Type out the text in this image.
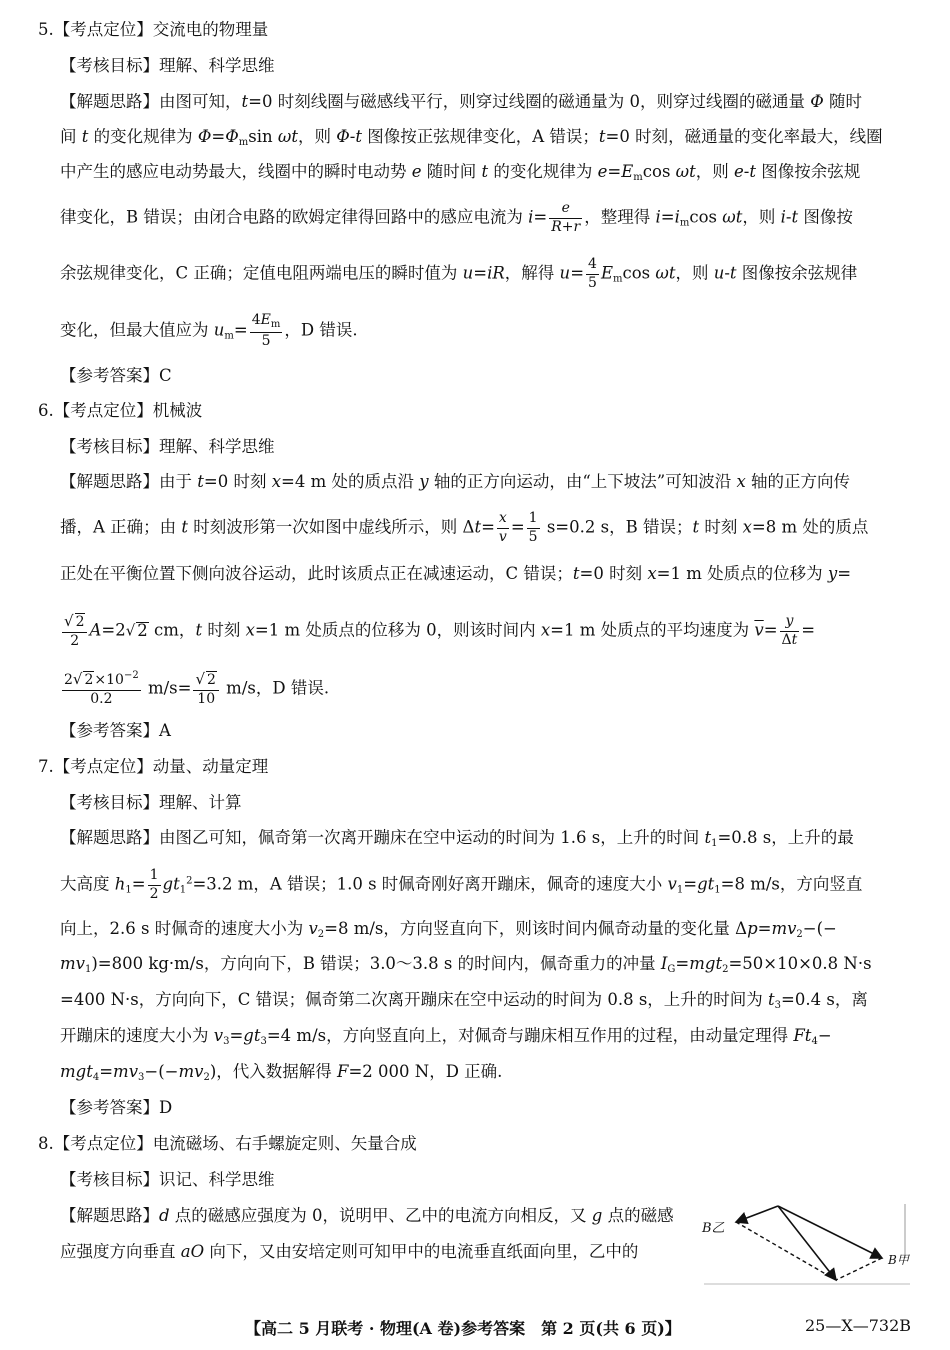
5.【考点定位】交流电的物理量
【考核目标】理解、科学思维
【解题思路】由图可知，t=0 时刻线圈与磁感线平行，则穿过线圈的磁通量为 0，则穿过线圈的磁通量 Φ 随时
间 t 的变化规律为 $\Phi=\Phi_m\sin$ ωt，则 Φ-t 图像按正弦规律变化，A 错误；t=0 时刻，磁通量的变化率最大，线圈
中产生的感应电动势最大，线圈中的瞬时电动势 e 随时间 t 的变化规律为 $e=E_m\cos$ ωt，则 e-t 图像按余弦规
律变化，B 错误；由闭合电路的欧姆定律得回路中的感应电流为 $i= \frac{e}{R+r}$ ，整理得 $i=i_m\cos$ ωt，则 i-t 图像按
余弦规律变化，C 正确；定值电阻两端电压的瞬时值为 u=iR，解得 $u= \frac{4}{5} E_m\cos$ ωt，则 u-t 图像按余弦规律
变化，但最大值应为 $u_m= \frac{4E_m}{5}$ ，D 错误.
【参考答案】C
6.【考点定位】机械波
【考核目标】理解、科学思维
【解题思路】由于 t=0 时刻 x=4 m 处的质点沿 y 轴的正方向运动，由“上下坡法”可知波沿 x 轴的正方向传
播，A 正确；由 t 时刻波形第一次如图中虚线所示，则 $\Delta t= \frac{x}{v} = \frac{1}{5} s=0.2$ s，B 错误；t 时刻 x=8 m 处的质点
正处在平衡位置下侧向波谷运动，此时该质点正在减速运动，C 错误；t=0 时刻 x=1 m 处质点的位移为 y=
$\frac{√ 2}{2} A=2√$ 2 cm，t 时刻 x=1 m 处质点的位移为 0，则该时间内 x=1 m 处质点的平均速度为 $\overline{v}= \frac{y}{\Delta t}$ =
$\frac{2√ 2\times 10^{-2}}{0.2} m/s= \frac{√ 2}{10} m/s$，D 错误.
【参考答案】A
7.【考点定位】动量、动量定理
【考核目标】理解、计算
【解题思路】由图乙可知，佩奇第一次离开蹦床在空中运动的时间为 1.6 s，上升的时间 $t_1=0.8$ s，上升的最
大高度 $h_1= \frac{1}{2} gt_1^2=3.2$ m，A 错误；1.0 s 时佩奇刚好离开蹦床，佩奇的速度大小 $v_1=gt_1=8$ m/s，方向竖直
向上，2.6 s 时佩奇的速度大小为 $v_2=8$ m/s，方向竖直向下，则该时间内佩奇动量的变化量 $\Delta p=mv_2-(-$
$mv_1)=800$ kg·m/s，方向向下，B 错误；3.0～3.8 s 的时间内，佩奇重力的冲量 $I_G=mgt_2=50\times 10\times 0.8$ N·s
=400 N·s，方向向下，C 错误；佩奇第二次离开蹦床在空中运动的时间为 0.8 s，上升的时间为 $t_3=0.4$ s，离
开蹦床的速度大小为 $v_3=gt_3=4$ m/s，方向竖直向上，对佩奇与蹦床相互作用的过程，由动量定理得 $Ft_4-$
$mgt_4=mv_3-(-mv_2)$，代入数据解得 F=2 000 N，D 正确.
【参考答案】D
8.【考点定位】电流磁场、右手螺旋定则、矢量合成
【考核目标】识记、科学思维
【解题思路】d 点的磁感应强度为 0，说明甲、乙中的电流方向相反，又 g 点的磁感
应强度方向垂直 aO 向下，又由安培定则可知甲中的电流垂直纸面向里，乙中的
B乙
B甲
【高二 5 月联考 · 物理(A 卷)参考答案　第 2 页(共 6 页)】	25—X—732B
